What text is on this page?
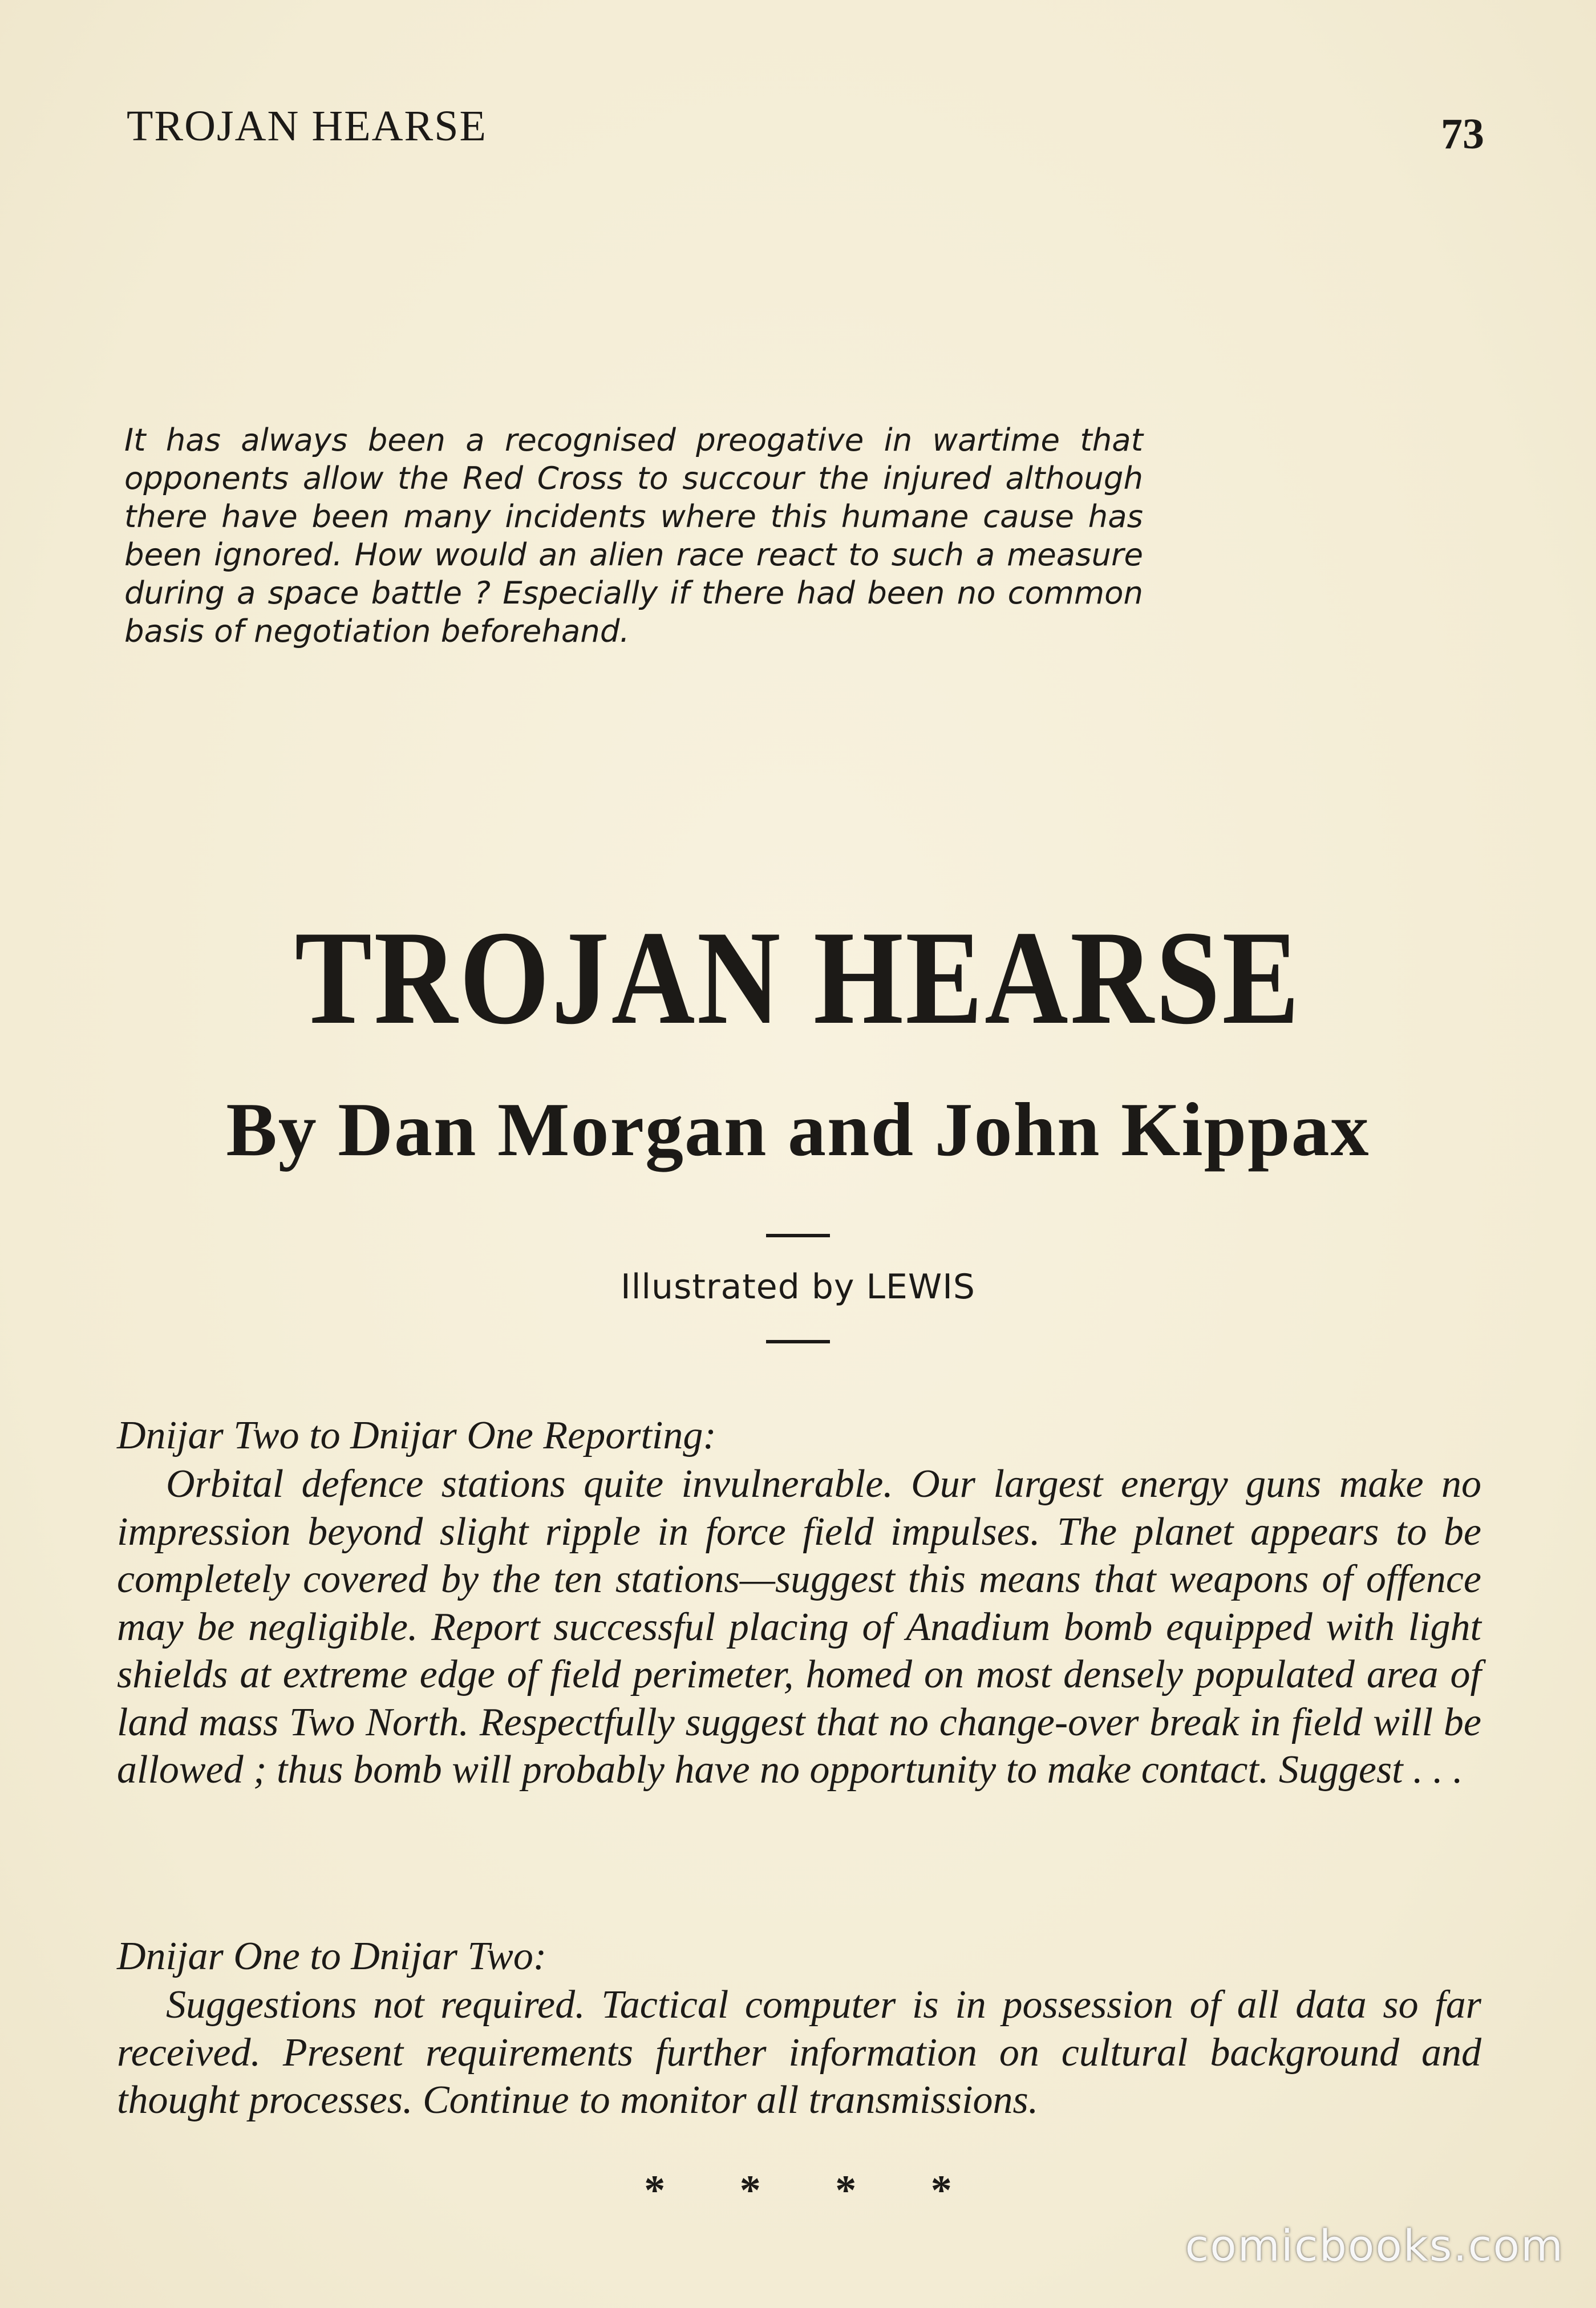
TROJAN HEARSE	73

It has always been a recognised preogative in wartime that opponents allow the Red Cross to succour the injured although there have been many incidents where this humane cause has been ignored. How would an alien race react to such a measure during a space battle ? Especially if there had been no common basis of negotiation beforehand.

TROJAN HEARSE
By Dan Morgan and John Kippax
Illustrated by LEWIS
Dnijar Two to Dnijar One Reporting:
Orbital defence stations quite invulnerable. Our largest energy guns make no impression beyond slight ripple in force field impulses. The planet appears to be completely covered by the ten stations—suggest this means that weapons of offence may be negligible. Report successful placing of Anadium bomb equipped with light shields at extreme edge of field perimeter, homed on most densely populated area of land mass Two North. Respectfully suggest that no change-over break in field will be allowed ; thus bomb will probably have no opportunity to make contact. Suggest . . .
Dnijar One to Dnijar Two:
Suggestions not required. Tactical computer is in possession of all data so far received. Present requirements further information on cultural background and thought processes. Continue to monitor all transmissions.
* * * *
comicbooks.com
